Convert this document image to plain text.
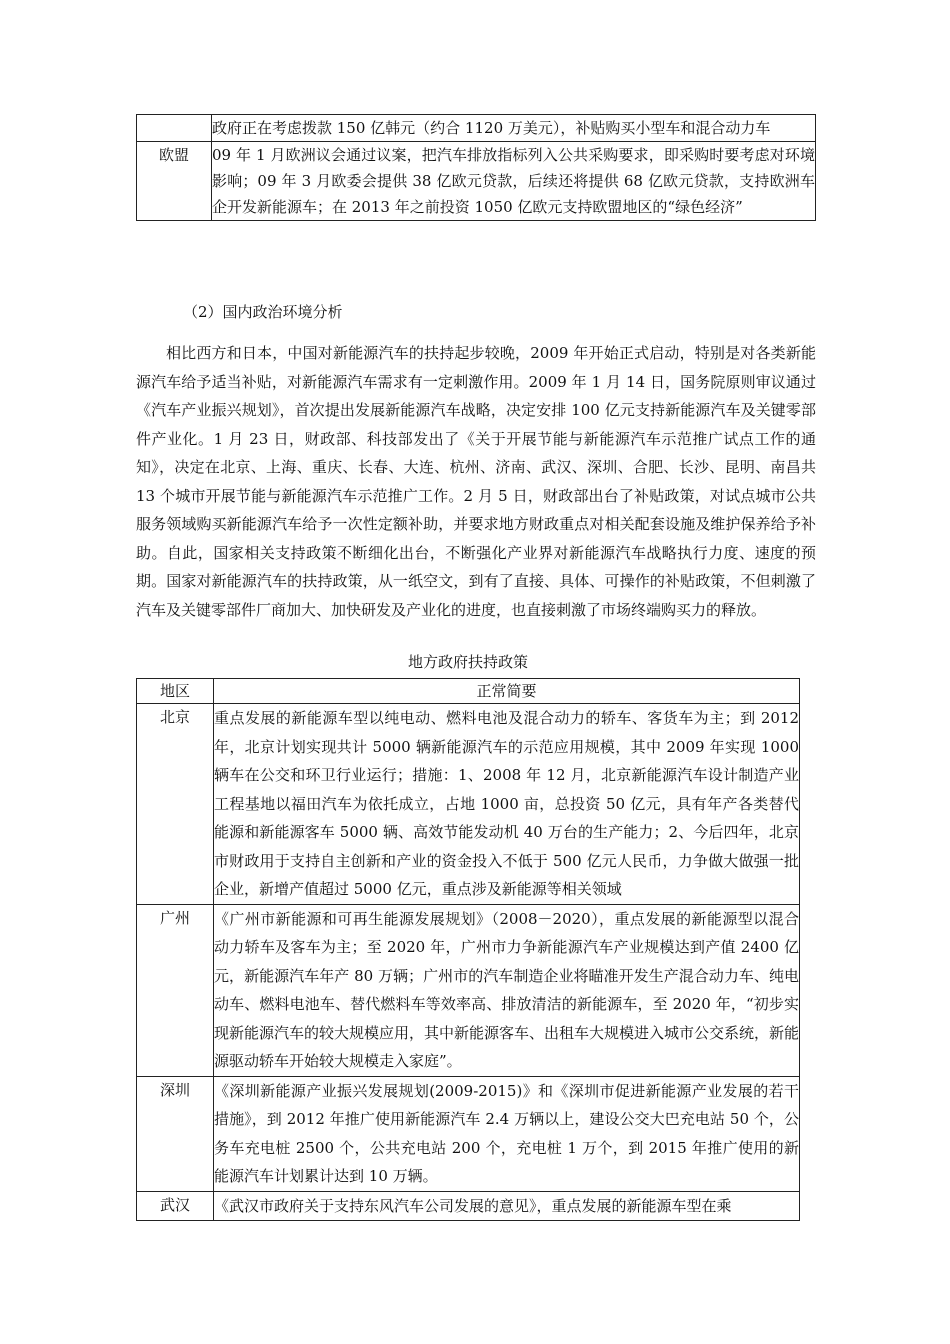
	政府正在考虑拨款 150 亿韩元（约合 1120 万美元），补贴购买小型车和混合动力车
欧盟	09 年 1 月欧洲议会通过议案，把汽车排放指标列入公共采购要求，即采购时要考虑对环境影响；09 年 3 月欧委会提供 38 亿欧元贷款，后续还将提供 68 亿欧元贷款，支持欧洲车企开发新能源车；在 2013 年之前投资 1050 亿欧元支持欧盟地区的“绿色经济”
（2）国内政治环境分析

相比西方和日本，中国对新能源汽车的扶持起步较晚，2009 年开始正式启动，特别是对各类新能源汽车给予适当补贴，对新能源汽车需求有一定刺激作用。2009 年 1 月 14 日，国务院原则审议通过《汽车产业振兴规划》，首次提出发展新能源汽车战略，决定安排 100 亿元支持新能源汽车及关键零部件产业化。1 月 23 日，财政部、科技部发出了《关于开展节能与新能源汽车示范推广试点工作的通知》，决定在北京、上海、重庆、长春、大连、杭州、济南、武汉、深圳、合肥、长沙、昆明、南昌共 13 个城市开展节能与新能源汽车示范推广工作。2 月 5 日，财政部出台了补贴政策，对试点城市公共服务领域购买新能源汽车给予一次性定额补助，并要求地方财政重点对相关配套设施及维护保养给予补助。自此，国家相关支持政策不断细化出台，不断强化产业界对新能源汽车战略执行力度、速度的预期。国家对新能源汽车的扶持政策，从一纸空文，到有了直接、具体、可操作的补贴政策，不但刺激了汽车及关键零部件厂商加大、加快研发及产业化的进度，也直接刺激了市场终端购买力的释放。

地方政府扶持政策
地区	正常简要
北京	重点发展的新能源车型以纯电动、燃料电池及混合动力的轿车、客货车为主；到 2012 年，北京计划实现共计 5000 辆新能源汽车的示范应用规模，其中 2009 年实现 1000 辆车在公交和环卫行业运行；措施：1、2008 年 12 月，北京新能源汽车设计制造产业工程基地以福田汽车为依托成立，占地 1000 亩，总投资 50 亿元，具有年产各类替代能源和新能源客车 5000 辆、高效节能发动机 40 万台的生产能力；2、今后四年，北京市财政用于支持自主创新和产业的资金投入不低于 500 亿元人民币，力争做大做强一批企业，新增产值超过 5000 亿元，重点涉及新能源等相关领域
广州	《广州市新能源和可再生能源发展规划》（2008－2020），重点发展的新能源型以混合动力轿车及客车为主；至 2020 年，广州市力争新能源汽车产业规模达到产值 2400 亿元，新能源汽车年产 80 万辆；广州市的汽车制造企业将瞄准开发生产混合动力车、纯电动车、燃料电池车、替代燃料车等效率高、排放清洁的新能源车，至 2020 年，“初步实现新能源汽车的较大规模应用，其中新能源客车、出租车大规模进入城市公交系统，新能源驱动轿车开始较大规模走入家庭”。
深圳	《深圳新能源产业振兴发展规划(2009-2015)》和《深圳市促进新能源产业发展的若干措施》，到 2012 年推广使用新能源汽车 2.4 万辆以上，建设公交大巴充电站 50 个，公务车充电桩 2500 个，公共充电站 200 个，充电桩 1 万个，到 2015 年推广使用的新能源汽车计划累计达到 10 万辆。
武汉	《武汉市政府关于支持东风汽车公司发展的意见》，重点发展的新能源车型在乘
